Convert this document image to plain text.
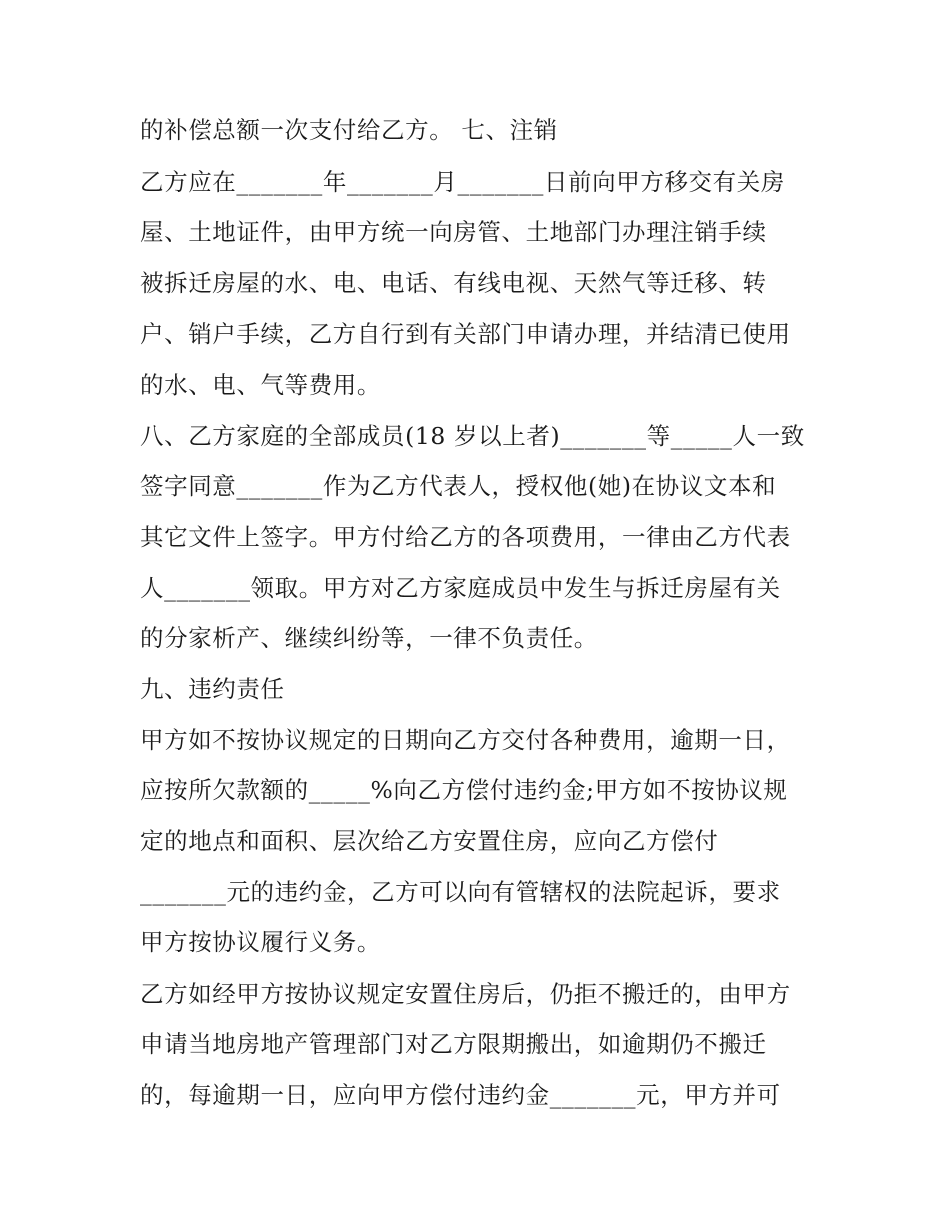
的补偿总额一次支付给乙方。 七、注销

乙方应在_______年_______月_______日前向甲方移交有关房

屋、土地证件，由甲方统一向房管、土地部门办理注销手续

被拆迁房屋的水、电、电话、有线电视、天然气等迁移、转

户、销户手续，乙方自行到有关部门申请办理，并结清已使用

的水、电、气等费用。

八、乙方家庭的全部成员(18 岁以上者)_______等_____人一致

签字同意_______作为乙方代表人，授权他(她)在协议文本和

其它文件上签字。甲方付给乙方的各项费用，一律由乙方代表

人_______领取。甲方对乙方家庭成员中发生与拆迁房屋有关

的分家析产、继续纠纷等，一律不负责任。

九、违约责任

甲方如不按协议规定的日期向乙方交付各种费用，逾期一日，

应按所欠款额的_____%向乙方偿付违约金;甲方如不按协议规

定的地点和面积、层次给乙方安置住房，应向乙方偿付

_______元的违约金，乙方可以向有管辖权的法院起诉，要求

甲方按协议履行义务。

乙方如经甲方按协议规定安置住房后，仍拒不搬迁的，由甲方

申请当地房地产管理部门对乙方限期搬出，如逾期仍不搬迁

的，每逾期一日，应向甲方偿付违约金_______元，甲方并可
